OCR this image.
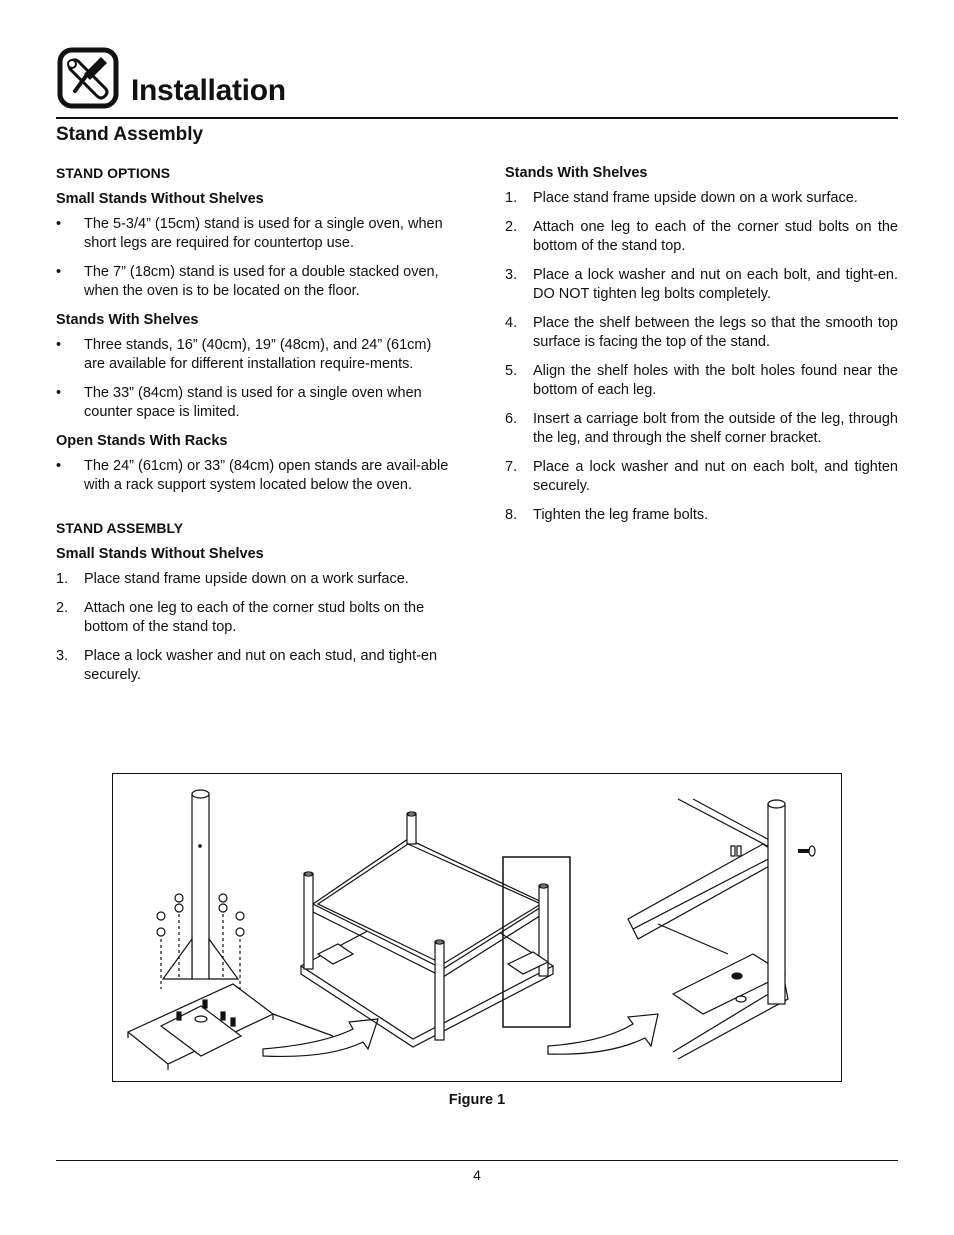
Installation
Stand Assembly
STAND OPTIONS
Small Stands Without Shelves
• The 5-3/4” (15cm) stand is used for a single oven, when short legs are required for countertop use.
• The 7” (18cm) stand is used for a double stacked oven, when the oven is to be located on the floor.
Stands With Shelves
• Three stands, 16” (40cm), 19” (48cm), and 24” (61cm) are available for different installation require-ments.
• The 33” (84cm) stand is used for a single oven when counter space is limited.
Open Stands With Racks
• The 24” (61cm) or 33” (84cm) open stands are avail-able with a rack support system located below the oven.
STAND ASSEMBLY
Small Stands Without Shelves
1. Place stand frame upside down on a work surface.
2. Attach one leg to each of the corner stud bolts on the bottom of the stand top.
3. Place a lock washer and nut on each stud, and tight-en securely.
Stands With Shelves
1. Place stand frame upside down on a work surface.
2. Attach one leg to each of the corner stud bolts on the bottom of the stand top.
3. Place a lock washer and nut on each bolt, and tight-en. DO NOT tighten leg bolts completely.
4. Place the shelf between the legs so that the smooth top surface is facing the top of the stand.
5. Align the shelf holes with the bolt holes found near the bottom of each leg.
6. Insert a carriage bolt from the outside of the leg, through the leg, and through the shelf corner bracket.
7. Place a lock washer and nut on each bolt, and tighten securely.
8. Tighten the leg frame bolts.
Figure 1
4
